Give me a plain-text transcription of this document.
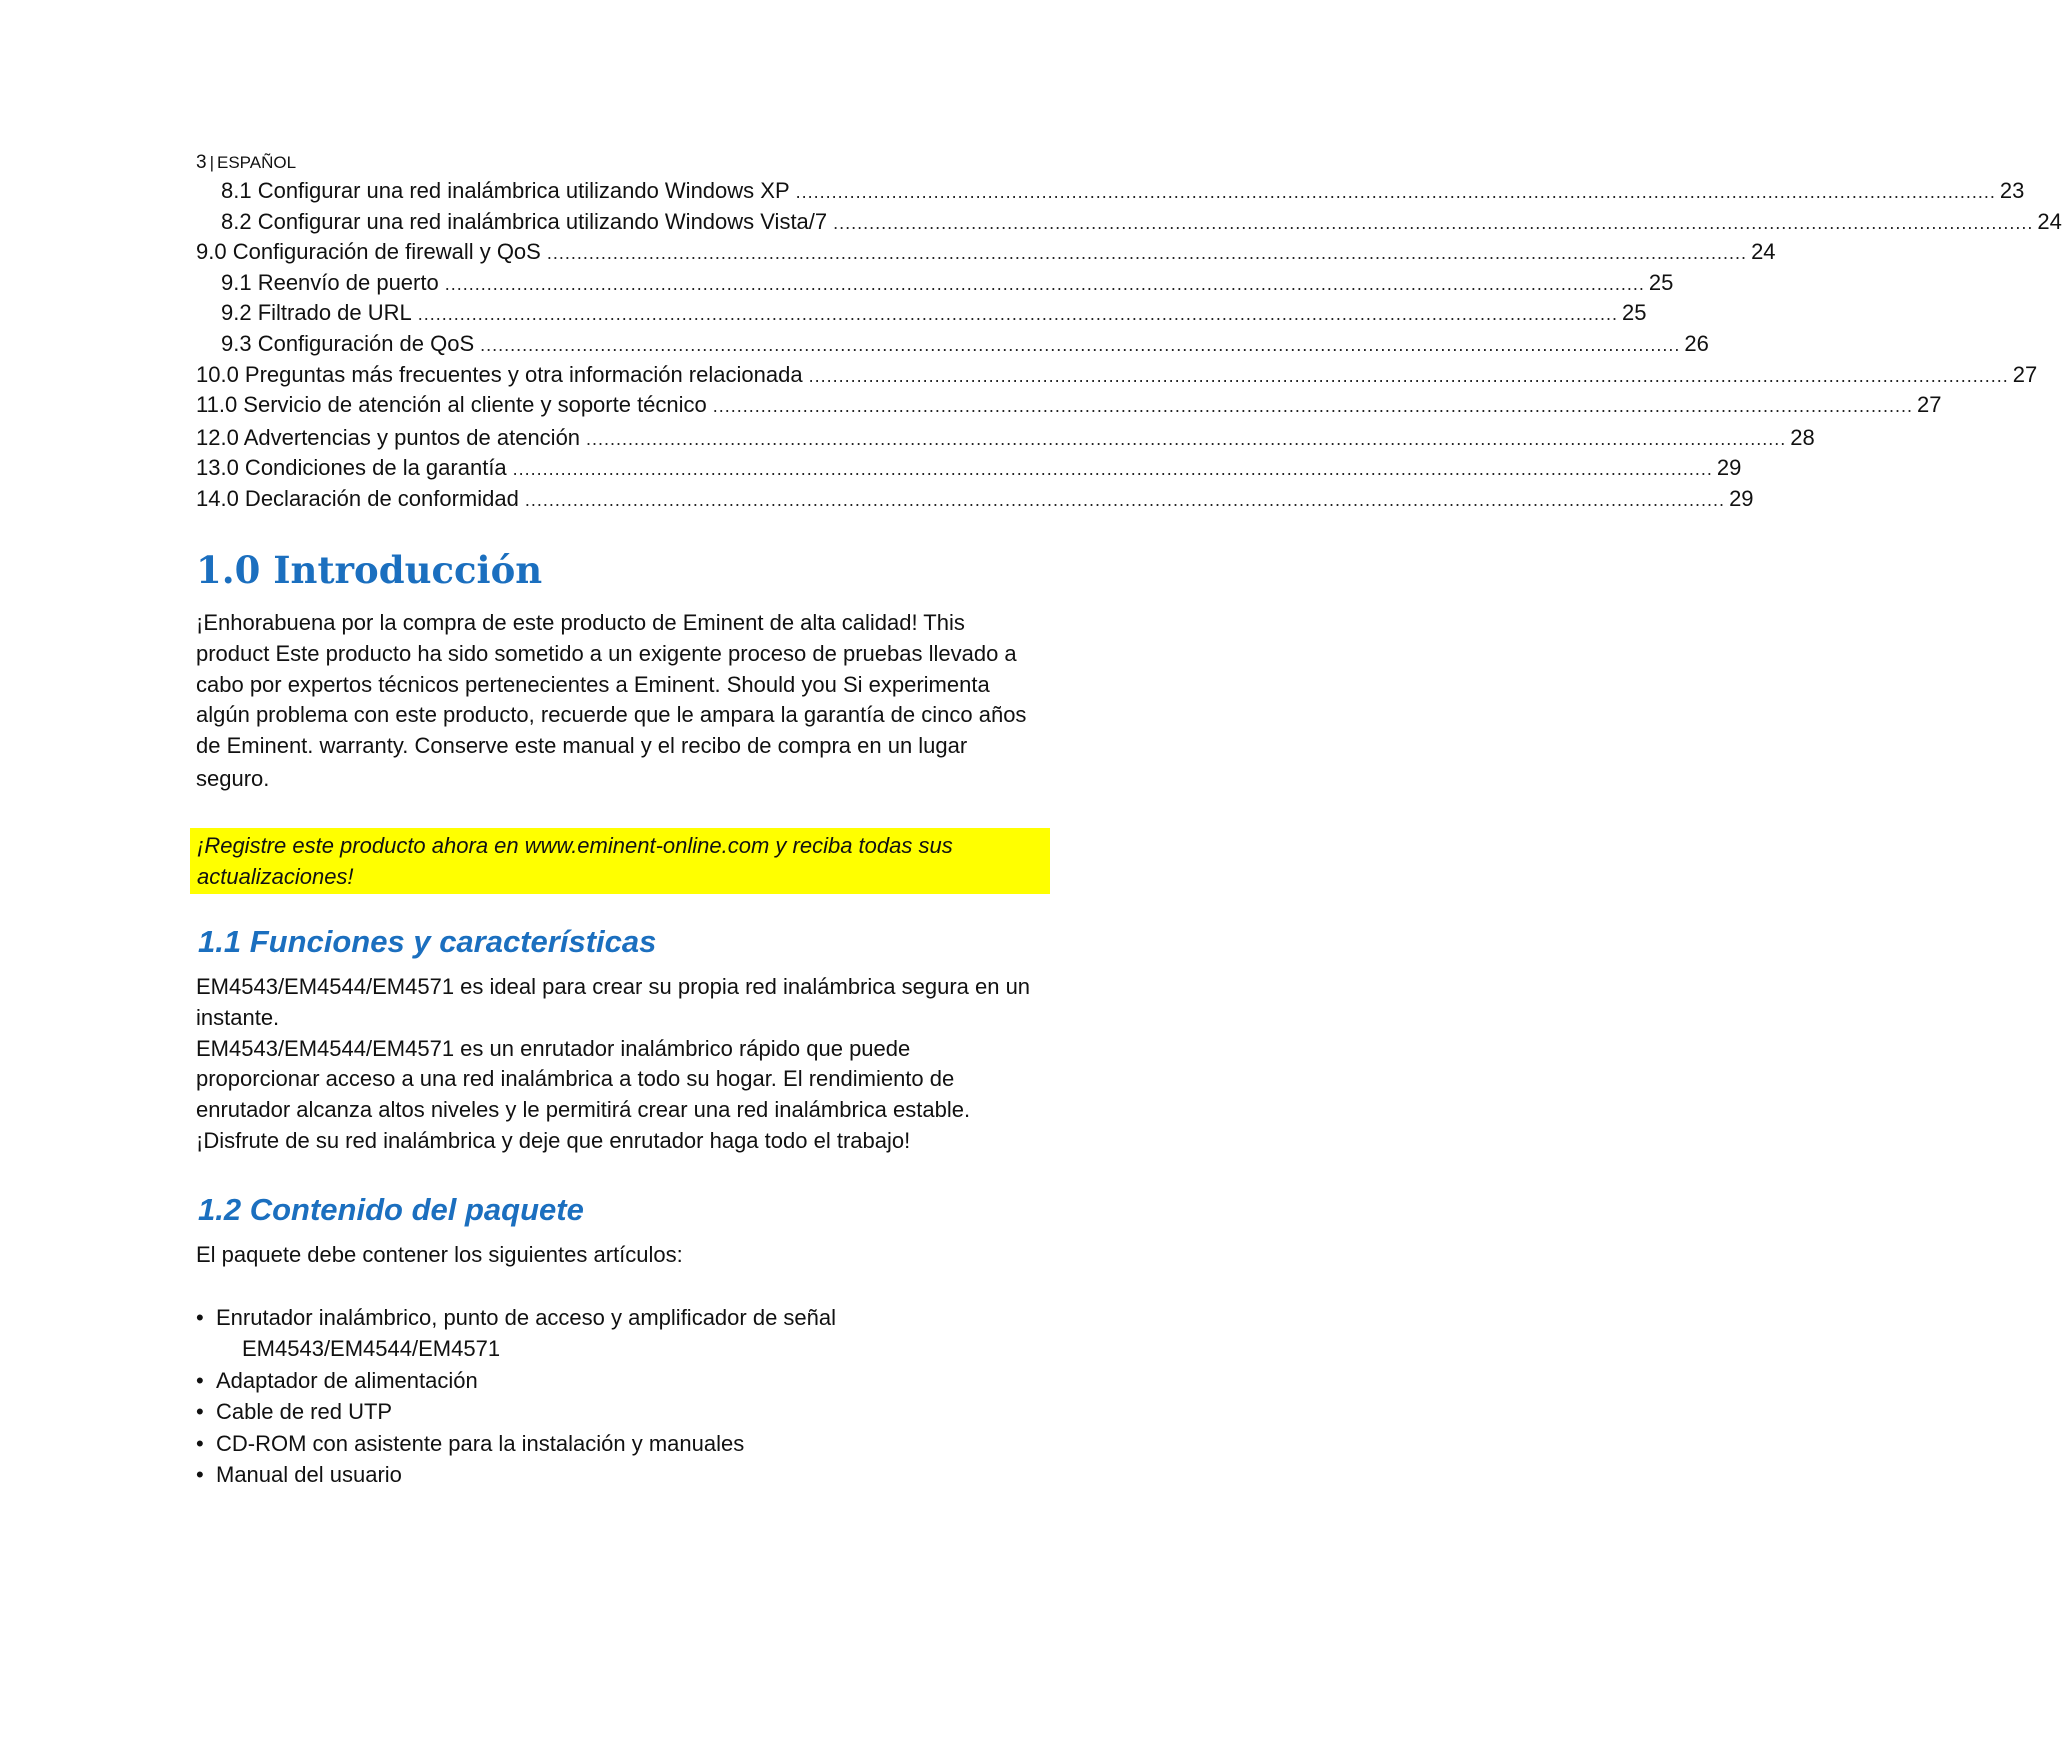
3 | ESPAÑOL
8.1 Configurar una red inalámbrica utilizando Windows XP ........................................................................................................................................................................................................ 23
8.2 Configurar una red inalámbrica utilizando Windows Vista/7 ........................................................................................................................................................................................................ 24
9.0 Configuración de firewall y QoS ........................................................................................................................................................................................................ 24
9.1 Reenvío de puerto ........................................................................................................................................................................................................ 25
9.2 Filtrado de URL ........................................................................................................................................................................................................ 25
9.3 Configuración de QoS ........................................................................................................................................................................................................ 26
10.0 Preguntas más frecuentes y otra información relacionada ........................................................................................................................................................................................................ 27
11.0 Servicio de atención al cliente y soporte técnico ........................................................................................................................................................................................................ 27
12.0 Advertencias y puntos de atención ........................................................................................................................................................................................................ 28
13.0 Condiciones de la garantía ........................................................................................................................................................................................................ 29
14.0 Declaración de conformidad ........................................................................................................................................................................................................ 29
1.0 Introducción
¡Enhorabuena por la compra de este producto de Eminent de alta calidad! This
product Este producto ha sido sometido a un exigente proceso de pruebas llevado a
cabo por expertos técnicos pertenecientes a Eminent. Should you Si experimenta
algún problema con este producto, recuerde que le ampara la garantía de cinco años
de Eminent. warranty. Conserve este manual y el recibo de compra en un lugar
seguro.

¡Registre este producto ahora en www.eminent-online.com y reciba todas sus
actualizaciones!

1.1 Funciones y características
EM4543/EM4544/EM4571 es ideal para crear su propia red inalámbrica segura en un
instante.
EM4543/EM4544/EM4571 es un enrutador inalámbrico rápido que puede
proporcionar acceso a una red inalámbrica a todo su hogar. El rendimiento de
enrutador alcanza altos niveles y le permitirá crear una red inalámbrica estable.
¡Disfrute de su red inalámbrica y deje que enrutador haga todo el trabajo!
1.2 Contenido del paquete
El paquete debe contener los siguientes artículos:
• Enrutador inalámbrico, punto de acceso y amplificador de señal
EM4543/EM4544/EM4571
• Adaptador de alimentación
• Cable de red UTP
• CD-ROM con asistente para la instalación y manuales
• Manual del usuario
